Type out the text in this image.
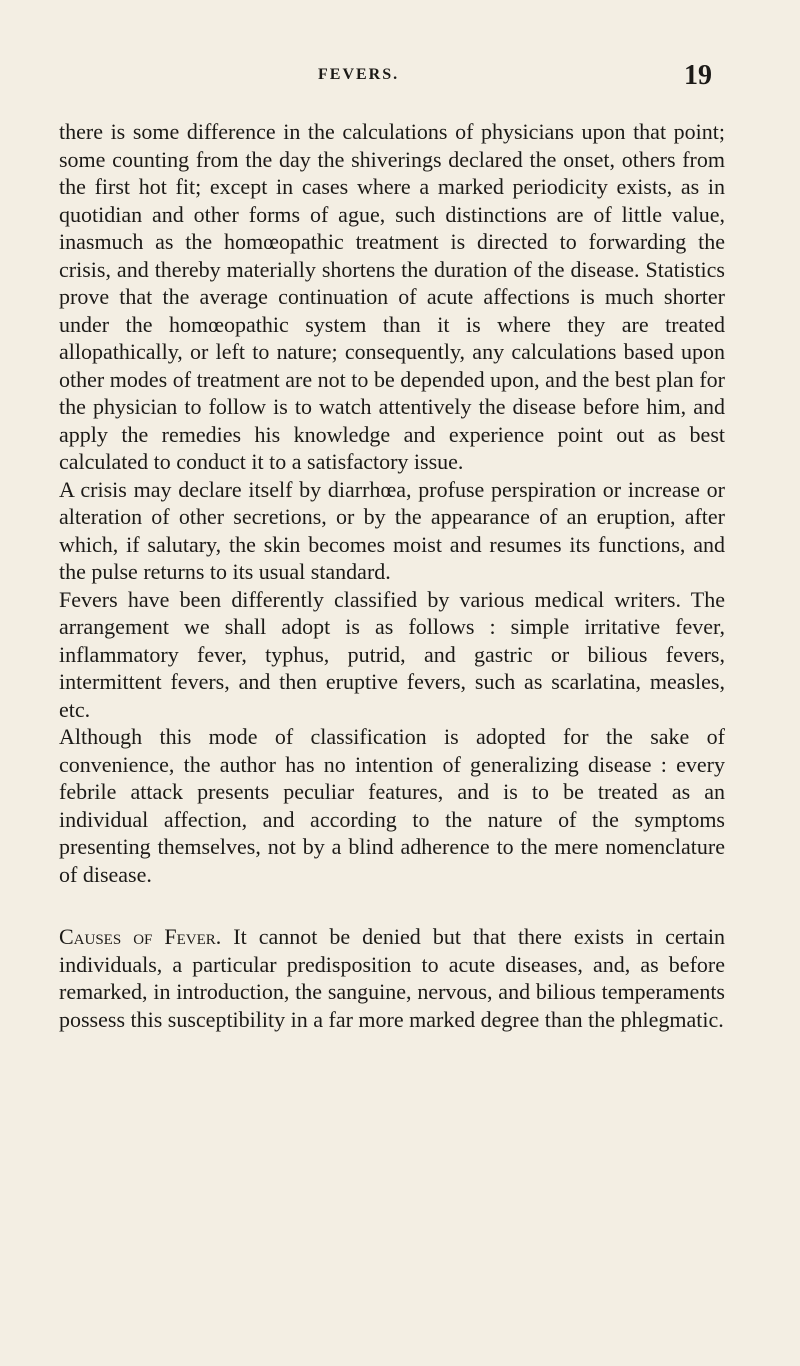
FEVERS.	19

there is some difference in the calculations of physicians upon that point; some counting from the day the shiverings declared the onset, others from the first hot fit; except in cases where a marked periodicity exists, as in quotidian and other forms of ague, such distinctions are of little value, inasmuch as the homœopathic treatment is directed to forwarding the crisis, and thereby materially shortens the duration of the disease. Statistics prove that the average continuation of acute affections is much shorter under the homœopathic system than it is where they are treated allopathically, or left to nature; consequently, any calculations based upon other modes of treatment are not to be depended upon, and the best plan for the physician to follow is to watch attentively the disease before him, and apply the remedies his knowledge and experience point out as best calculated to conduct it to a satisfactory issue.

A crisis may declare itself by diarrhœa, profuse perspiration or increase or alteration of other secretions, or by the appearance of an eruption, after which, if salutary, the skin becomes moist and resumes its functions, and the pulse returns to its usual standard.

Fevers have been differently classified by various medical writers. The arrangement we shall adopt is as follows : simple irritative fever, inflammatory fever, typhus, putrid, and gastric or bilious fevers, intermittent fevers, and then eruptive fevers, such as scarlatina, measles, etc.

Although this mode of classification is adopted for the sake of convenience, the author has no intention of generalizing disease : every febrile attack presents peculiar features, and is to be treated as an individual affection, and according to the nature of the symptoms presenting themselves, not by a blind adherence to the mere nomenclature of disease.

Causes of Fever. It cannot be denied but that there exists in certain individuals, a particular predisposition to acute diseases, and, as before remarked, in introduction, the sanguine, nervous, and bilious temperaments possess this susceptibility in a far more marked degree than the phlegmatic.
